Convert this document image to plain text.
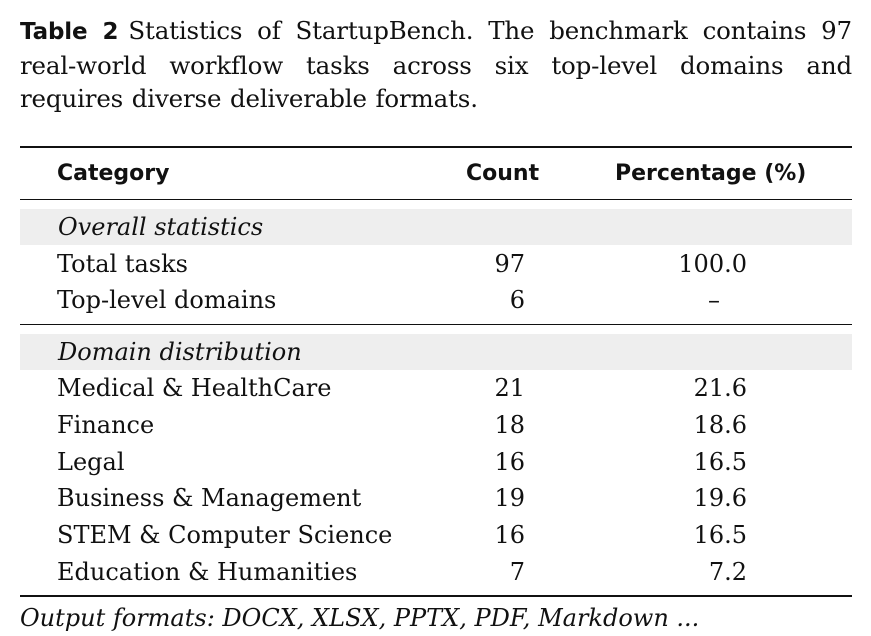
Table 2 Statistics of StartupBench. The benchmark contains 97 real-world workflow tasks across six top-level domains and requires diverse deliverable formats.
Category	Count	Percentage (%)
Overall statistics
Total tasks	97	100.0
Top-level domains	6	–
Domain distribution
Medical & HealthCare	21	21.6
Finance	18	18.6
Legal	16	16.5
Business & Management	19	19.6
STEM & Computer Science	16	16.5
Education & Humanities	7	7.2
Output formats: DOCX, XLSX, PPTX, PDF, Markdown ...
